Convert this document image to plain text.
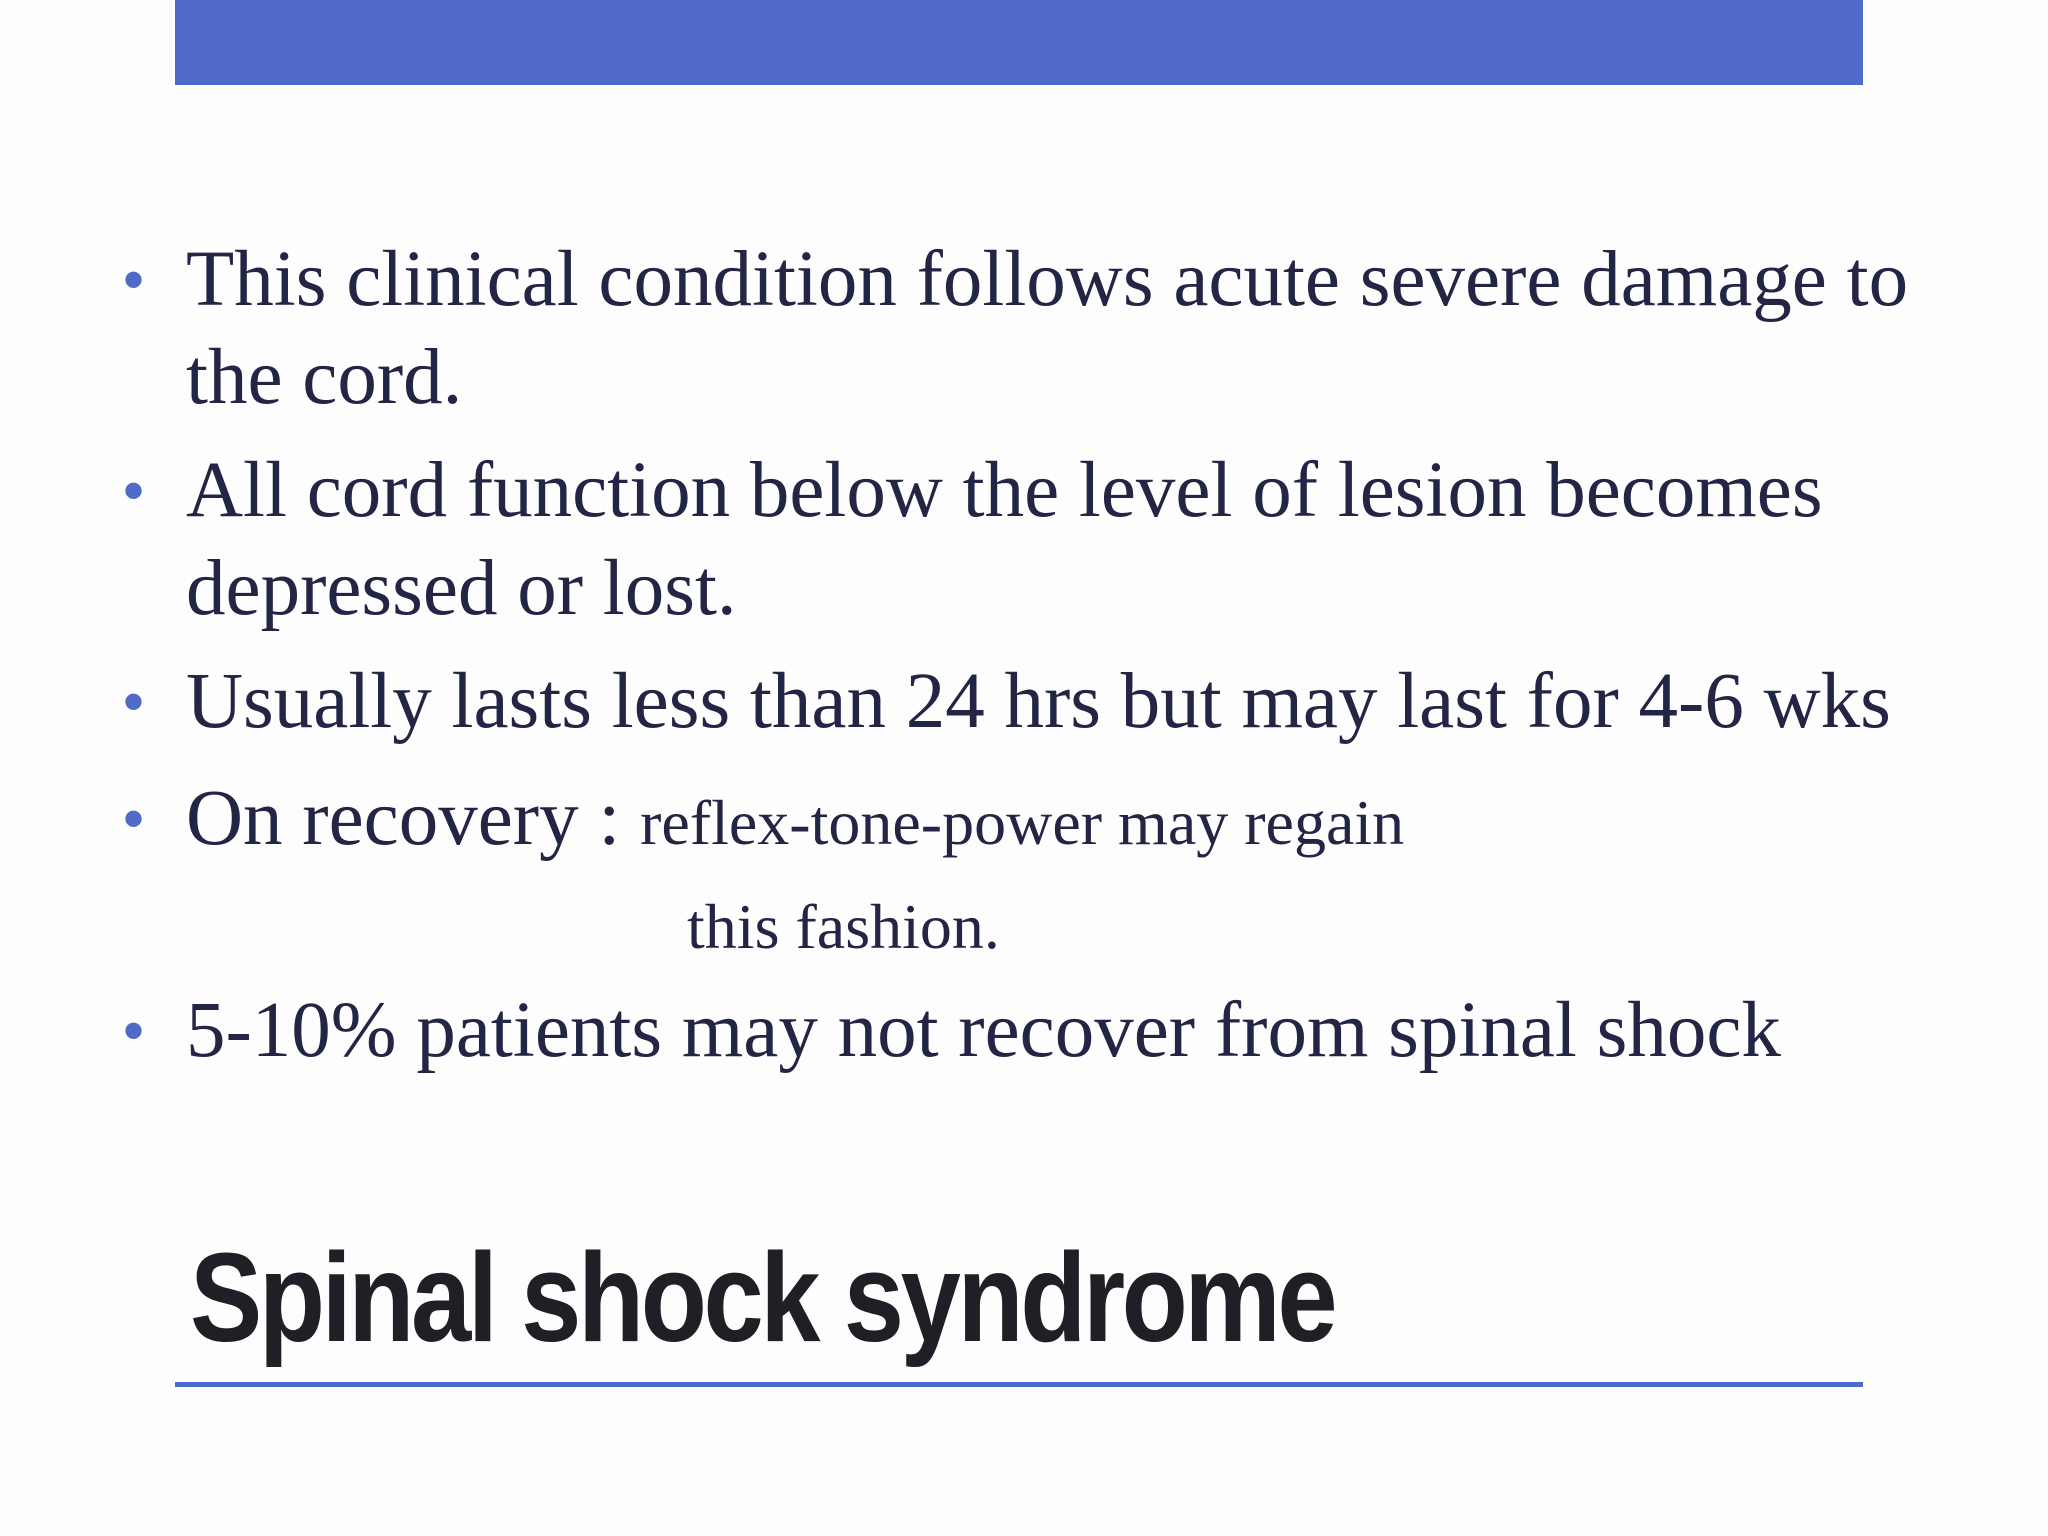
• This clinical condition follows acute severe damage to
the cord.
• All cord function below the level of lesion becomes
depressed or lost.
• Usually lasts less than 24 hrs but may last for 4-6 wks
• On recovery : reflex-tone-power may regain
this fashion.
• 5-10% patients may not recover from spinal shock
Spinal shock syndrome
